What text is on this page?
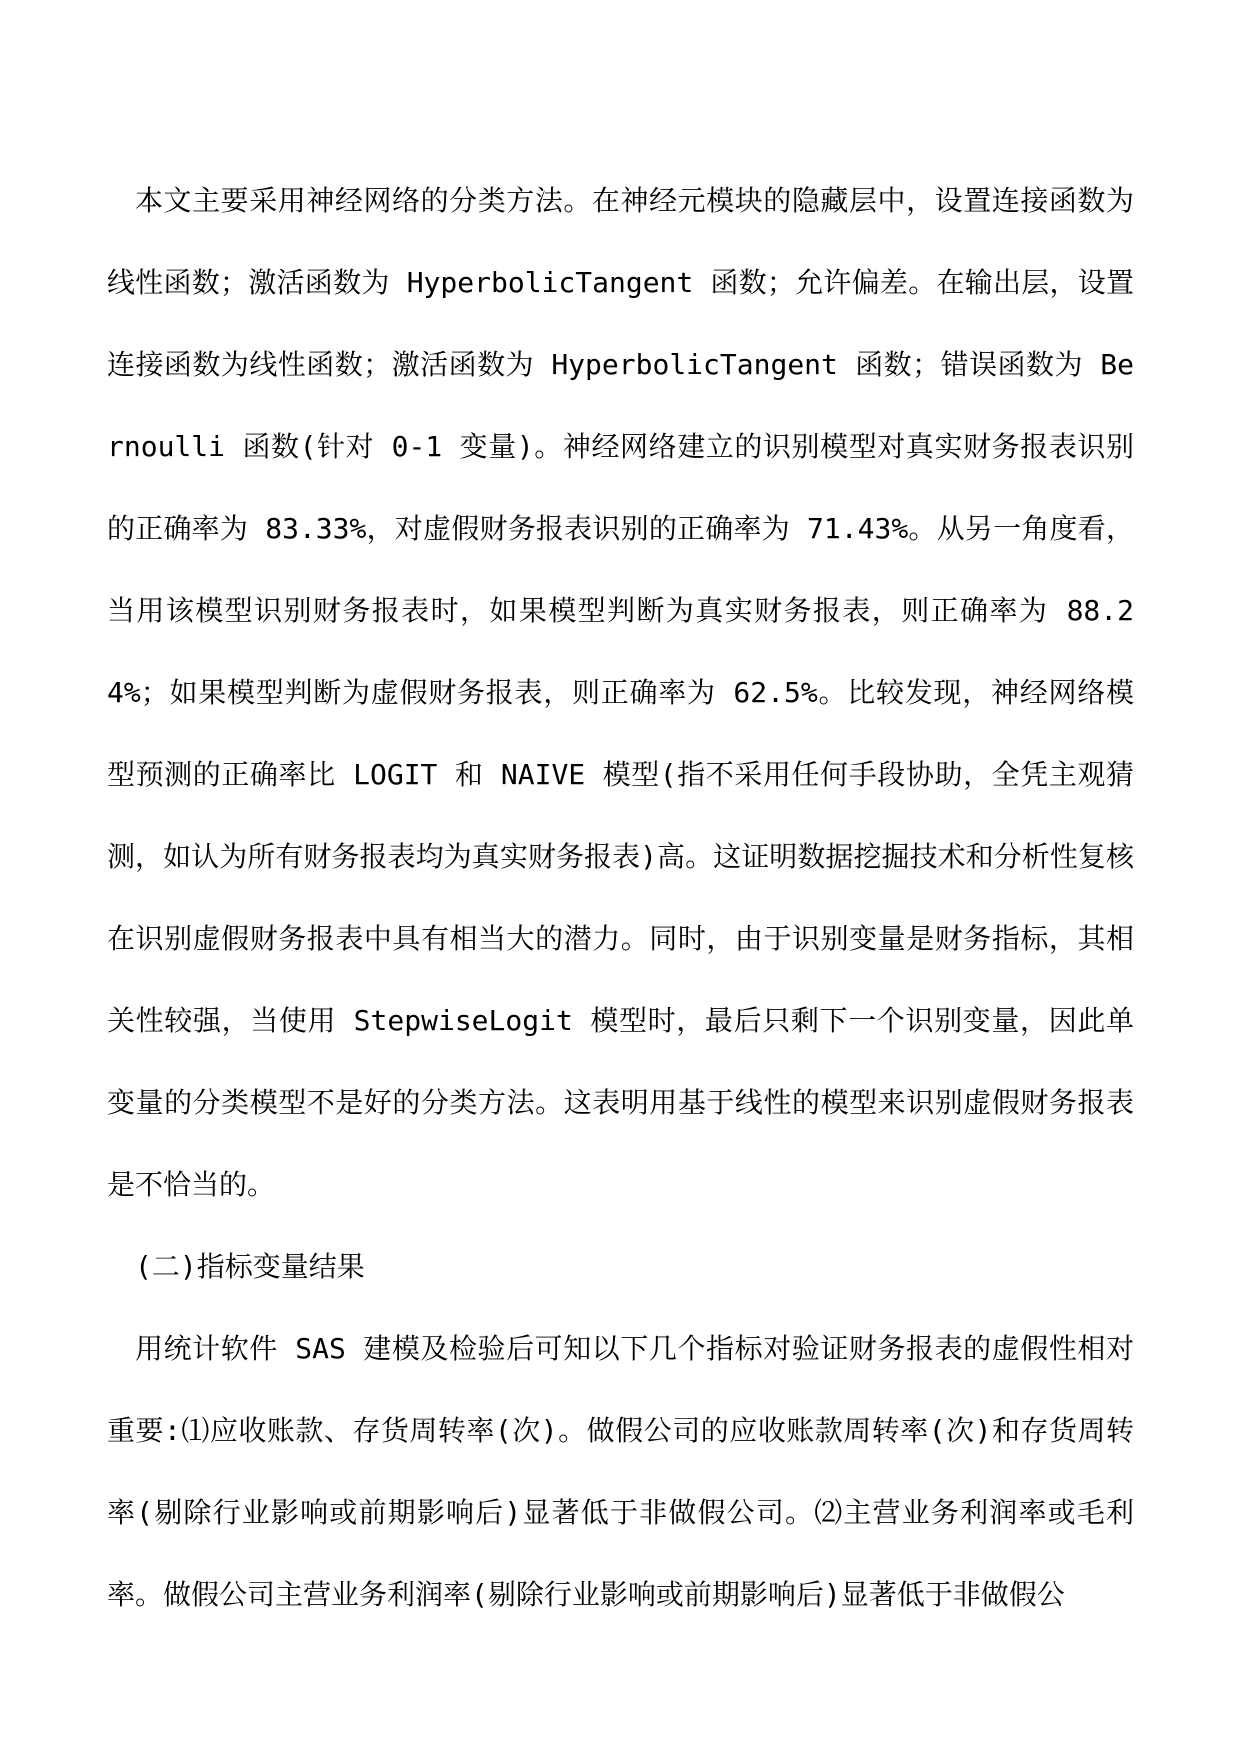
本文主要采用神经网络的分类方法。在神经元模块的隐藏层中，设置连接函数为线性函数；激活函数为 HyperbolicTangent 函数；允许偏差。在输出层，设置连接函数为线性函数；激活函数为 HyperbolicTangent 函数；错误函数为 Bernoulli 函数(针对 0-1 变量)。神经网络建立的识别模型对真实财务报表识别的正确率为 83.33%，对虚假财务报表识别的正确率为 71.43%。从另一角度看，当用该模型识别财务报表时，如果模型判断为真实财务报表，则正确率为 88.24%；如果模型判断为虚假财务报表，则正确率为 62.5%。比较发现，神经网络模型预测的正确率比 LOGIT 和 NAIVE 模型(指不采用任何手段协助，全凭主观猜测，如认为所有财务报表均为真实财务报表)高。这证明数据挖掘技术和分析性复核在识别虚假财务报表中具有相当大的潜力。同时，由于识别变量是财务指标，其相关性较强，当使用 StepwiseLogit 模型时，最后只剩下一个识别变量，因此单变量的分类模型不是好的分类方法。这表明用基于线性的模型来识别虚假财务报表是不恰当的。

(二)指标变量结果

用统计软件 SAS 建模及检验后可知以下几个指标对验证财务报表的虚假性相对重要:⑴应收账款、存货周转率(次)。做假公司的应收账款周转率(次)和存货周转率(剔除行业影响或前期影响后)显著低于非做假公司。⑵主营业务利润率或毛利率。做假公司主营业务利润率(剔除行业影响或前期影响后)显著低于非做假公
